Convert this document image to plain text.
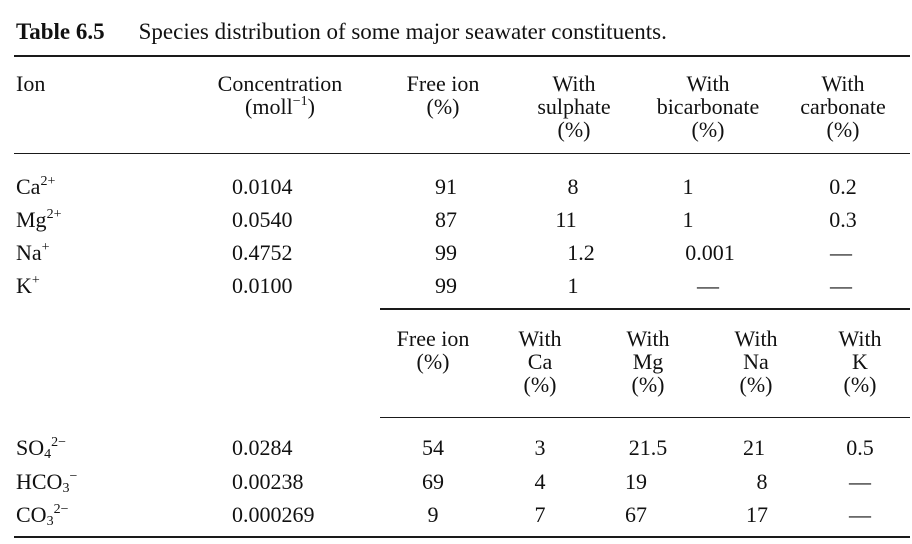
Table 6.5 Species distribution of some major seawater constituents.
Ion	Concentration
(moll$^{-1}$)
Free ion
(%)
With
sulphate
(%)
With
bicarbonate
(%)
With
carbonate
(%)
$Ca^{2+}$
$Mg^{2+}$
Na+
K+
0.0104
0.0540
0.4752
0.0100
91
87
99
99
8
11
1.2
1
1
1
0.001
—
0.2
0.3
—
—
Free ion
(%)
With
Ca
(%)
With
Mg
(%)
With
Na
(%)
With
K
(%)
$SO_4^{2-}$
$HCO_3^-$
$CO_3^{2-}$
0.0284
0.00238
0.000269
54
69
9
3
4
7
21.5
19
67
21
8
17
0.5
—
—
